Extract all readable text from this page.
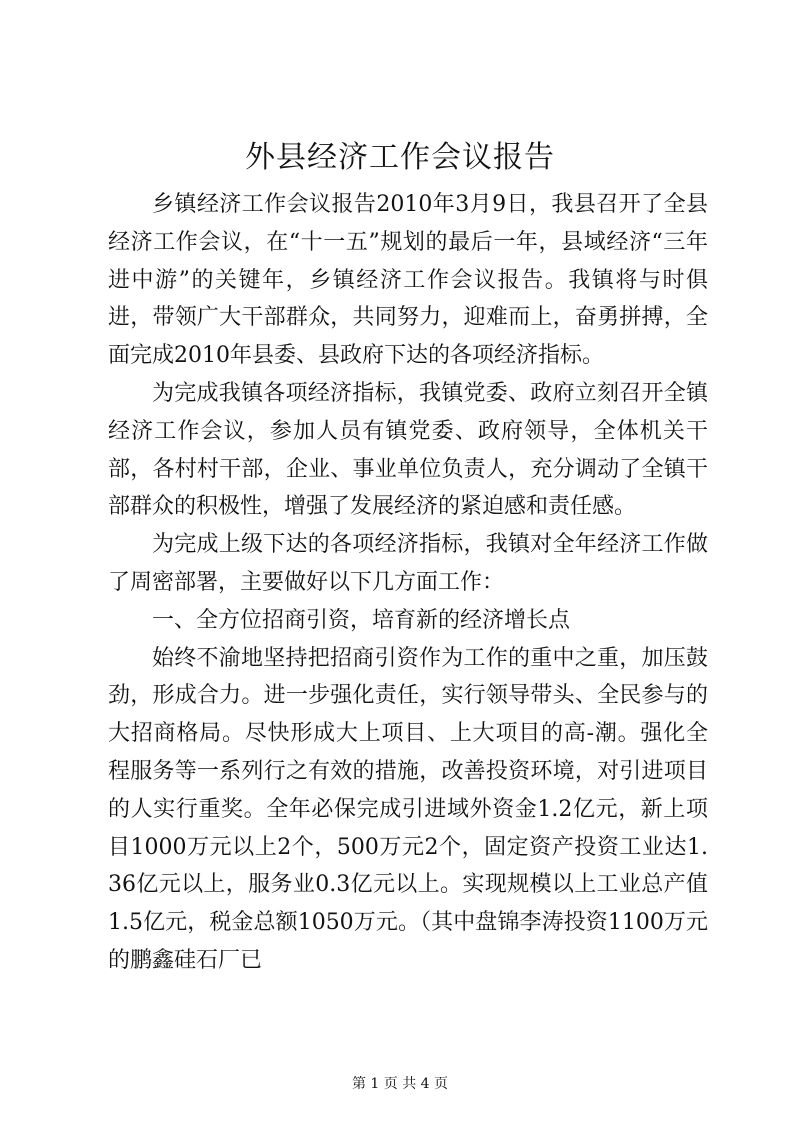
外县经济工作会议报告

乡镇经济工作会议报告2010年3月9日，我县召开了全县经济工作会议，在“十一五”规划的最后一年，县域经济“三年进中游”的关键年，乡镇经济工作会议报告。我镇将与时俱进，带领广大干部群众，共同努力，迎难而上，奋勇拼搏，全面完成2010年县委、县政府下达的各项经济指标。

为完成我镇各项经济指标，我镇党委、政府立刻召开全镇经济工作会议，参加人员有镇党委、政府领导，全体机关干部，各村村干部，企业、事业单位负责人，充分调动了全镇干部群众的积极性，增强了发展经济的紧迫感和责任感。

为完成上级下达的各项经济指标，我镇对全年经济工作做了周密部署，主要做好以下几方面工作：

一、全方位招商引资，培育新的经济增长点

始终不渝地坚持把招商引资作为工作的重中之重，加压鼓劲，形成合力。进一步强化责任，实行领导带头、全民参与的大招商格局。尽快形成大上项目、上大项目的高-潮。强化全程服务等一系列行之有效的措施，改善投资环境，对引进项目的人实行重奖。全年必保完成引进域外资金1.2亿元，新上项目1000万元以上2个，500万元2个，固定资产投资工业达1.36亿元以上，服务业0.3亿元以上。实现规模以上工业总产值1.5亿元，税金总额1050万元。（其中盘锦李涛投资1100万元的鹏鑫硅石厂已

第 1 页 共 4 页
